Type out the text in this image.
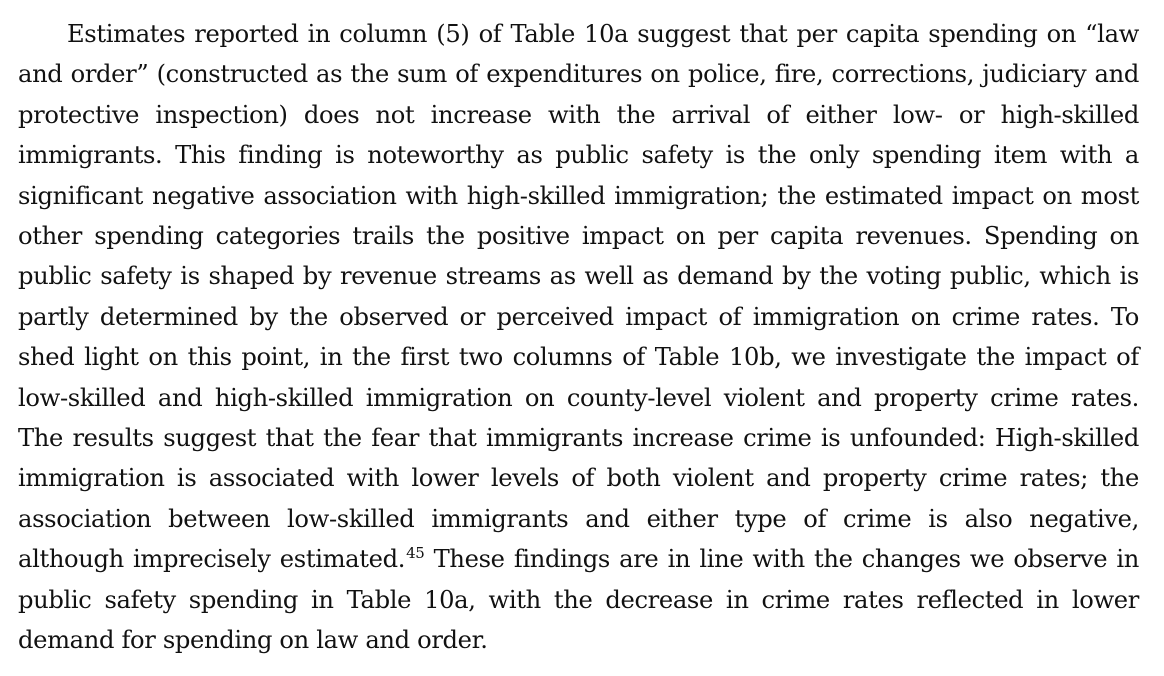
Estimates reported in column (5) of Table 10a suggest that per capita spending on “law and order” (constructed as the sum of expenditures on police, fire, corrections, judiciary and protective inspection) does not increase with the arrival of either low- or high-skilled immigrants. This finding is noteworthy as public safety is the only spending item with a significant negative association with high-skilled immigration; the estimated impact on most other spending categories trails the positive impact on per capita revenues. Spending on public safety is shaped by revenue streams as well as demand by the voting public, which is partly determined by the observed or perceived impact of immigration on crime rates. To shed light on this point, in the first two columns of Table 10b, we investigate the impact of low-skilled and high-skilled immigration on county-level violent and property crime rates. The results suggest that the fear that immigrants increase crime is unfounded: High-skilled immigration is associated with lower levels of both violent and property crime rates; the association between low-skilled immigrants and either type of crime is also negative, although imprecisely estimated.$^{45}$ These findings are in line with the changes we observe in public safety spending in Table 10a, with the decrease in crime rates reflected in lower demand for spending on law and order.
